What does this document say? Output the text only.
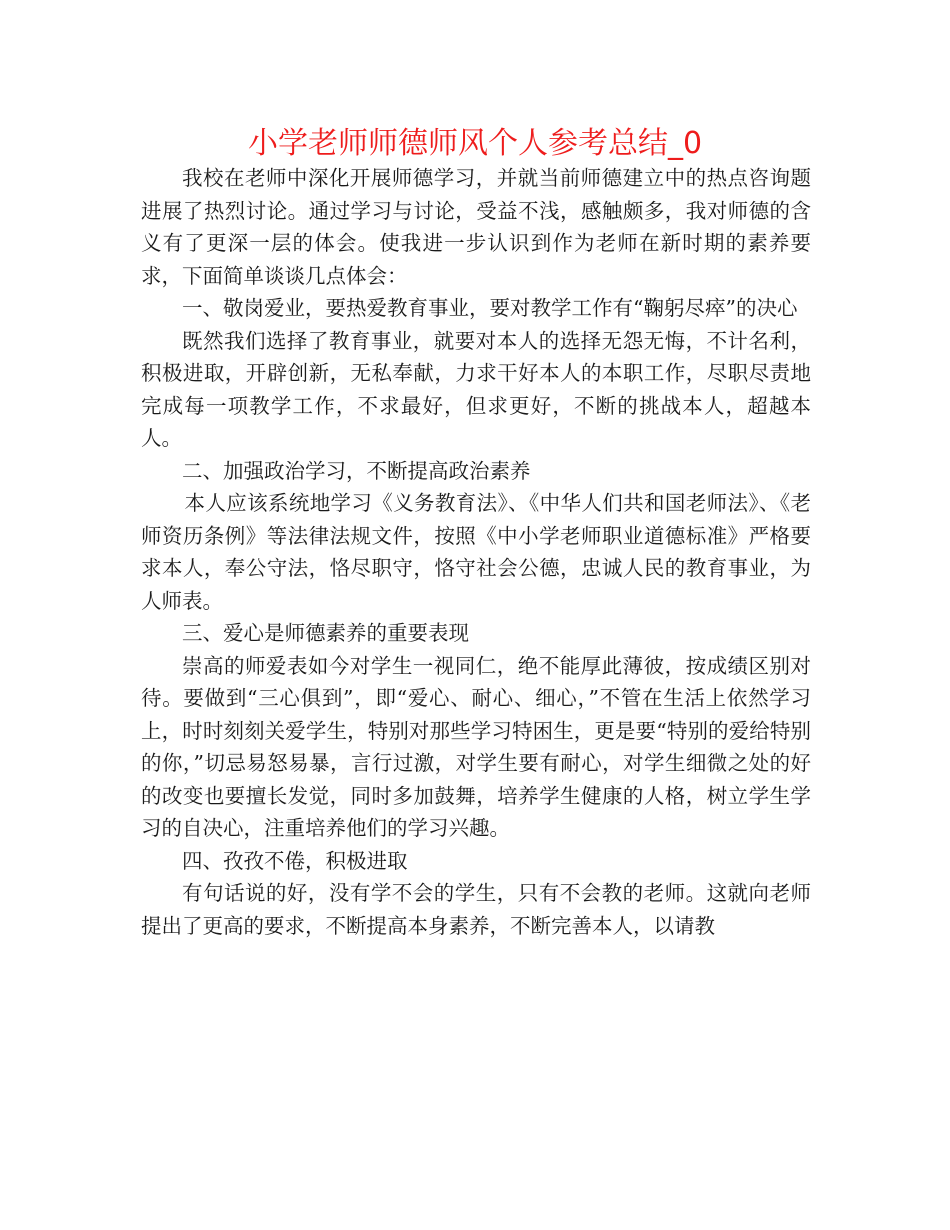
小学老师师德师风个人参考总结_0

我校在老师中深化开展师德学习，并就当前师德建立中的热点咨询题进展了热烈讨论。通过学习与讨论，受益不浅，感触颇多，我对师德的含义有了更深一层的体会。使我进一步认识到作为老师在新时期的素养要求，下面简单谈谈几点体会：

一、敬岗爱业，要热爱教育事业，要对教学工作有“鞠躬尽瘁”的决心

既然我们选择了教育事业，就要对本人的选择无怨无悔，不计名利，积极进取，开辟创新，无私奉献，力求干好本人的本职工作，尽职尽责地完成每一项教学工作，不求最好，但求更好，不断的挑战本人，超越本人。

二、加强政治学习，不断提高政治素养

本人应该系统地学习《义务教育法》、《中华人们共和国老师法》、《老师资历条例》等法律法规文件，按照《中小学老师职业道德标准》严格要求本人，奉公守法，恪尽职守，恪守社会公德，忠诚人民的教育事业，为人师表。

三、爱心是师德素养的重要表现

崇高的师爱表如今对学生一视同仁，绝不能厚此薄彼，按成绩区别对待。要做到“三心俱到”，即“爱心、耐心、细心，”不管在生活上依然学习上，时时刻刻关爱学生，特别对那些学习特困生，更是要“特别的爱给特别的你，”切忌易怒易暴，言行过激，对学生要有耐心，对学生细微之处的好的改变也要擅长发觉，同时多加鼓舞，培养学生健康的人格，树立学生学习的自决心，注重培养他们的学习兴趣。

四、孜孜不倦，积极进取

有句话说的好，没有学不会的学生，只有不会教的老师。这就向老师提出了更高的要求，不断提高本身素养，不断完善本人，以请教
